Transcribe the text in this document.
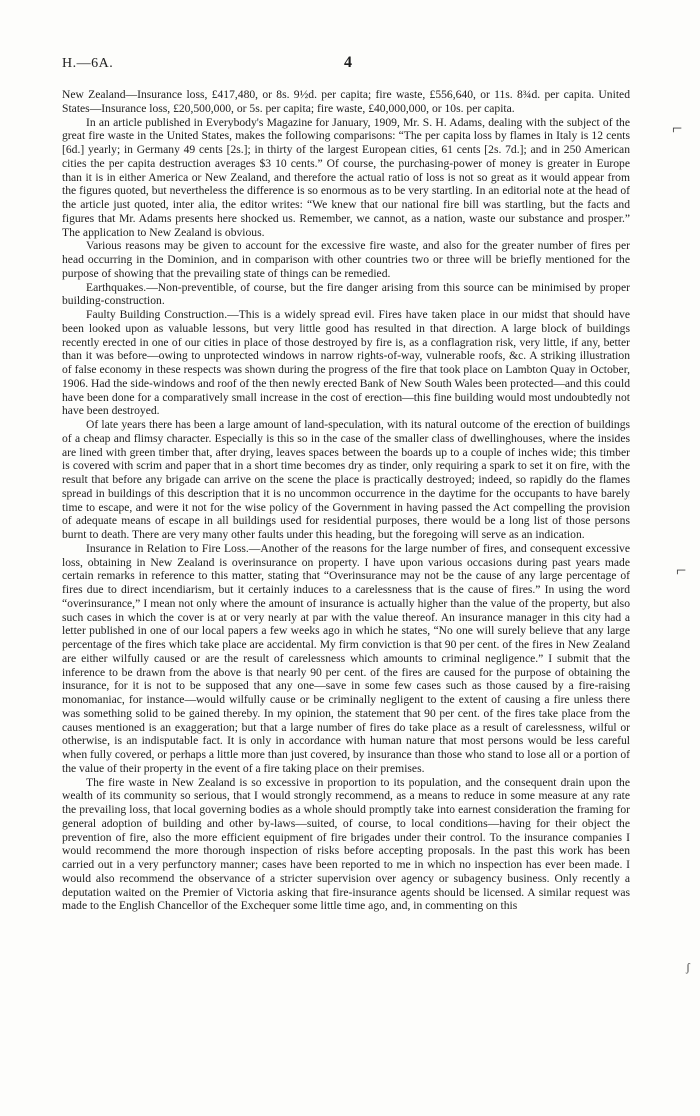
H.—6A.	4

New Zealand—Insurance loss, £417,480, or 8s. 9½d. per capita; fire waste, £556,640, or 11s. 8¾d. per capita. United States—Insurance loss, £20,500,000, or 5s. per capita; fire waste, £40,000,000, or 10s. per capita.

In an article published in Everybody's Magazine for January, 1909, Mr. S. H. Adams, dealing with the subject of the great fire waste in the United States, makes the following comparisons: “The per capita loss by flames in Italy is 12 cents [6d.] yearly; in Germany 49 cents [2s.]; in thirty of the largest European cities, 61 cents [2s. 7d.]; and in 250 American cities the per capita destruction averages $3 10 cents.” Of course, the purchasing-power of money is greater in Europe than it is in either America or New Zealand, and therefore the actual ratio of loss is not so great as it would appear from the figures quoted, but nevertheless the difference is so enormous as to be very startling. In an editorial note at the head of the article just quoted, inter alia, the editor writes: “We knew that our national fire bill was startling, but the facts and figures that Mr. Adams presents here shocked us. Remember, we cannot, as a nation, waste our substance and prosper.” The application to New Zealand is obvious.

Various reasons may be given to account for the excessive fire waste, and also for the greater number of fires per head occurring in the Dominion, and in comparison with other countries two or three will be briefly mentioned for the purpose of showing that the prevailing state of things can be remedied.

Earthquakes.—Non-preventible, of course, but the fire danger arising from this source can be minimised by proper building-construction.

Faulty Building Construction.—This is a widely spread evil. Fires have taken place in our midst that should have been looked upon as valuable lessons, but very little good has resulted in that direction. A large block of buildings recently erected in one of our cities in place of those destroyed by fire is, as a conflagration risk, very little, if any, better than it was before—owing to unprotected windows in narrow rights-of-way, vulnerable roofs, &c. A striking illustration of false economy in these respects was shown during the progress of the fire that took place on Lambton Quay in October, 1906. Had the side-windows and roof of the then newly erected Bank of New South Wales been protected—and this could have been done for a comparatively small increase in the cost of erection—this fine building would most undoubtedly not have been destroyed.

Of late years there has been a large amount of land-speculation, with its natural outcome of the erection of buildings of a cheap and flimsy character. Especially is this so in the case of the smaller class of dwellinghouses, where the insides are lined with green timber that, after drying, leaves spaces between the boards up to a couple of inches wide; this timber is covered with scrim and paper that in a short time becomes dry as tinder, only requiring a spark to set it on fire, with the result that before any brigade can arrive on the scene the place is practically destroyed; indeed, so rapidly do the flames spread in buildings of this description that it is no uncommon occurrence in the daytime for the occupants to have barely time to escape, and were it not for the wise policy of the Government in having passed the Act compelling the provision of adequate means of escape in all buildings used for residential purposes, there would be a long list of those persons burnt to death. There are very many other faults under this heading, but the foregoing will serve as an indication.

Insurance in Relation to Fire Loss.—Another of the reasons for the large number of fires, and consequent excessive loss, obtaining in New Zealand is overinsurance on property. I have upon various occasions during past years made certain remarks in reference to this matter, stating that “Overinsurance may not be the cause of any large percentage of fires due to direct incendiarism, but it certainly induces to a carelessness that is the cause of fires.” In using the word “overinsurance,” I mean not only where the amount of insurance is actually higher than the value of the property, but also such cases in which the cover is at or very nearly at par with the value thereof. An insurance manager in this city had a letter published in one of our local papers a few weeks ago in which he states, “No one will surely believe that any large percentage of the fires which take place are accidental. My firm conviction is that 90 per cent. of the fires in New Zealand are either wilfully caused or are the result of carelessness which amounts to criminal negligence.” I submit that the inference to be drawn from the above is that nearly 90 per cent. of the fires are caused for the purpose of obtaining the insurance, for it is not to be supposed that any one—save in some few cases such as those caused by a fire-raising monomaniac, for instance—would wilfully cause or be criminally negligent to the extent of causing a fire unless there was something solid to be gained thereby. In my opinion, the statement that 90 per cent. of the fires take place from the causes mentioned is an exaggeration; but that a large number of fires do take place as a result of carelessness, wilful or otherwise, is an indisputable fact. It is only in accordance with human nature that most persons would be less careful when fully covered, or perhaps a little more than just covered, by insurance than those who stand to lose all or a portion of the value of their property in the event of a fire taking place on their premises.

The fire waste in New Zealand is so excessive in proportion to its population, and the consequent drain upon the wealth of its community so serious, that I would strongly recommend, as a means to reduce in some measure at any rate the prevailing loss, that local governing bodies as a whole should promptly take into earnest consideration the framing for general adoption of building and other by-laws—suited, of course, to local conditions—having for their object the prevention of fire, also the more efficient equipment of fire brigades under their control. To the insurance companies I would recommend the more thorough inspection of risks before accepting proposals. In the past this work has been carried out in a very perfunctory manner; cases have been reported to me in which no inspection has ever been made. I would also recommend the observance of a stricter supervision over agency or subagency business. Only recently a deputation waited on the Premier of Victoria asking that fire-insurance agents should be licensed. A similar request was made to the English Chancellor of the Exchequer some little time ago, and, in commenting on this

⌐
⌐
ʃ
